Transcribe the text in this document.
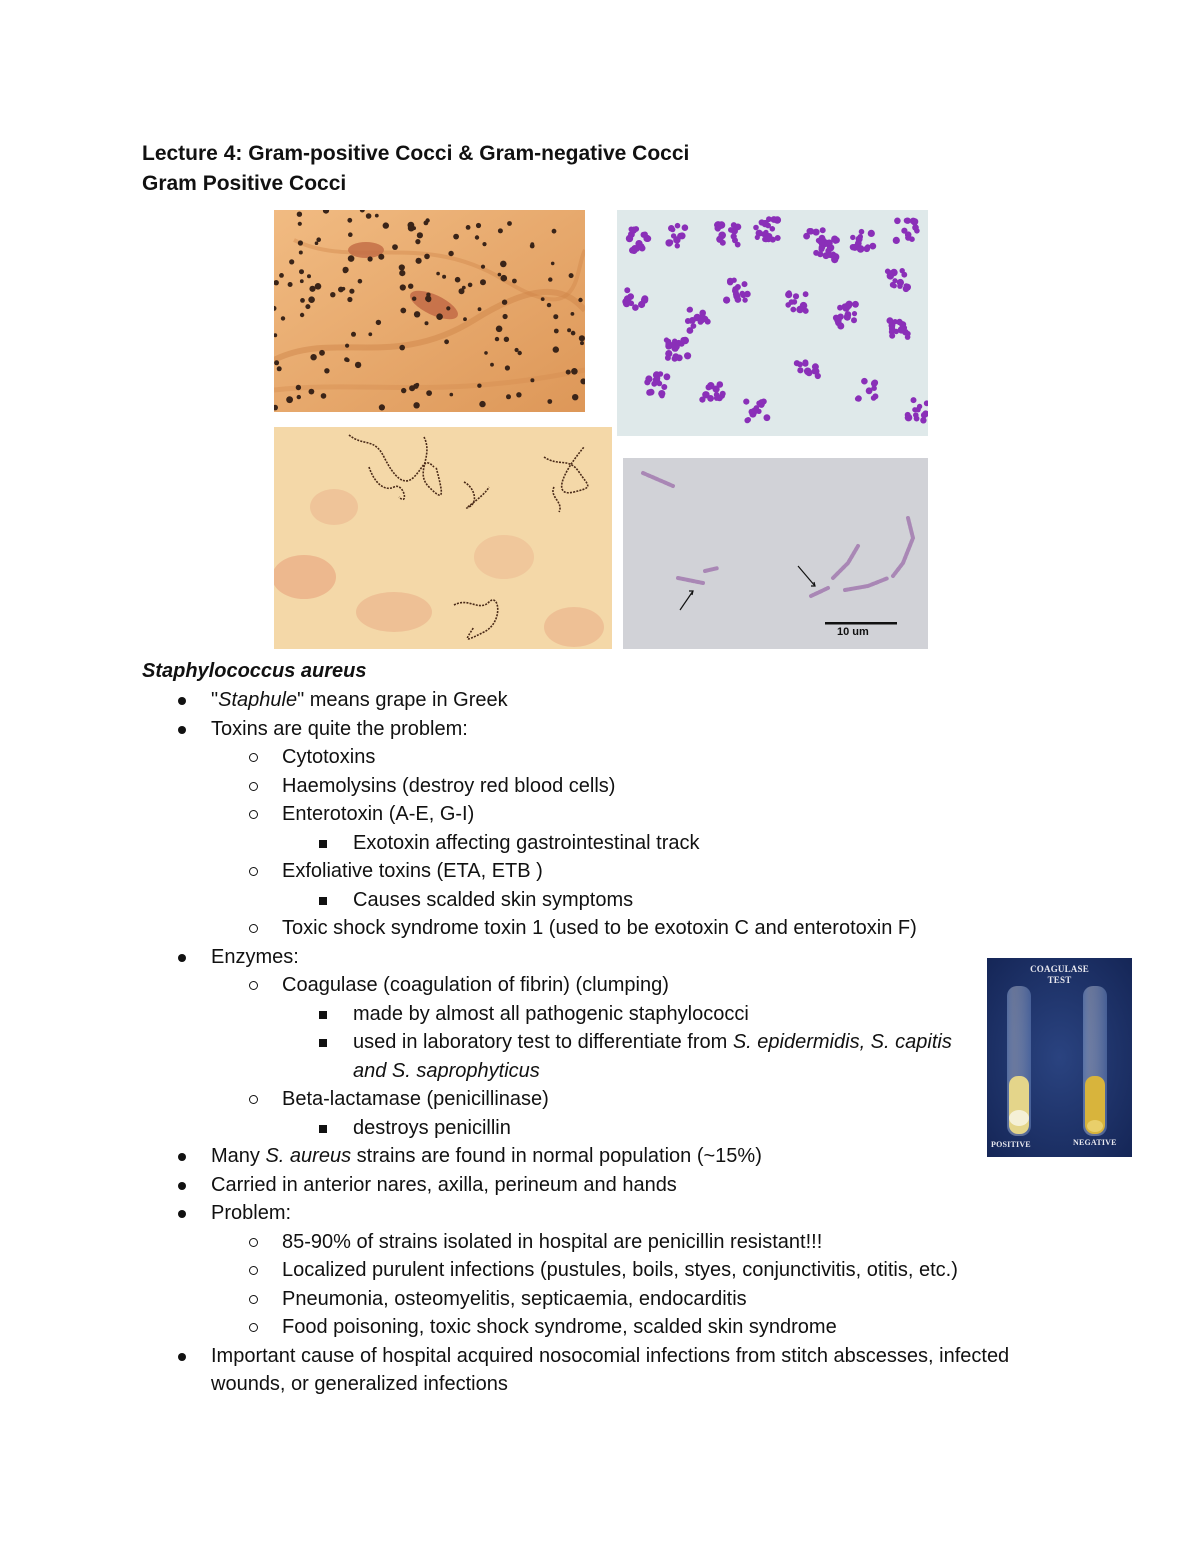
Lecture 4: Gram-positive Cocci & Gram-negative Cocci
Gram Positive Cocci
10 um
Staphylococcus aureus
"Staphule" means grape in Greek
Toxins are quite the problem:
Cytotoxins
Haemolysins (destroy red blood cells)
Enterotoxin (A-E, G-I)
Exotoxin affecting gastrointestinal track
Exfoliative toxins (ETA, ETB )
Causes scalded skin symptoms
Toxic shock syndrome toxin 1 (used to be exotoxin C and enterotoxin F)
Enzymes:
Coagulase (coagulation of fibrin) (clumping)
made by almost all pathogenic staphylococci
used in laboratory test to differentiate from S. epidermidis, S. capitis and S. saprophyticus
Beta-lactamase (penicillinase)
destroys penicillin
Many S. aureus strains are found in normal population (~15%)
Carried in anterior nares, axilla, perineum and hands
Problem:
85-90% of strains isolated in hospital are penicillin resistant!!!
Localized purulent infections (pustules, boils, styes, conjunctivitis, otitis, etc.)
Pneumonia, osteomyelitis, septicaemia, endocarditis
Food poisoning, toxic shock syndrome, scalded skin syndrome
Important cause of hospital acquired nosocomial infections from stitch abscesses, infected wounds, or generalized infections
COAGULASE
TEST
POSITIVE	NEGATIVE
